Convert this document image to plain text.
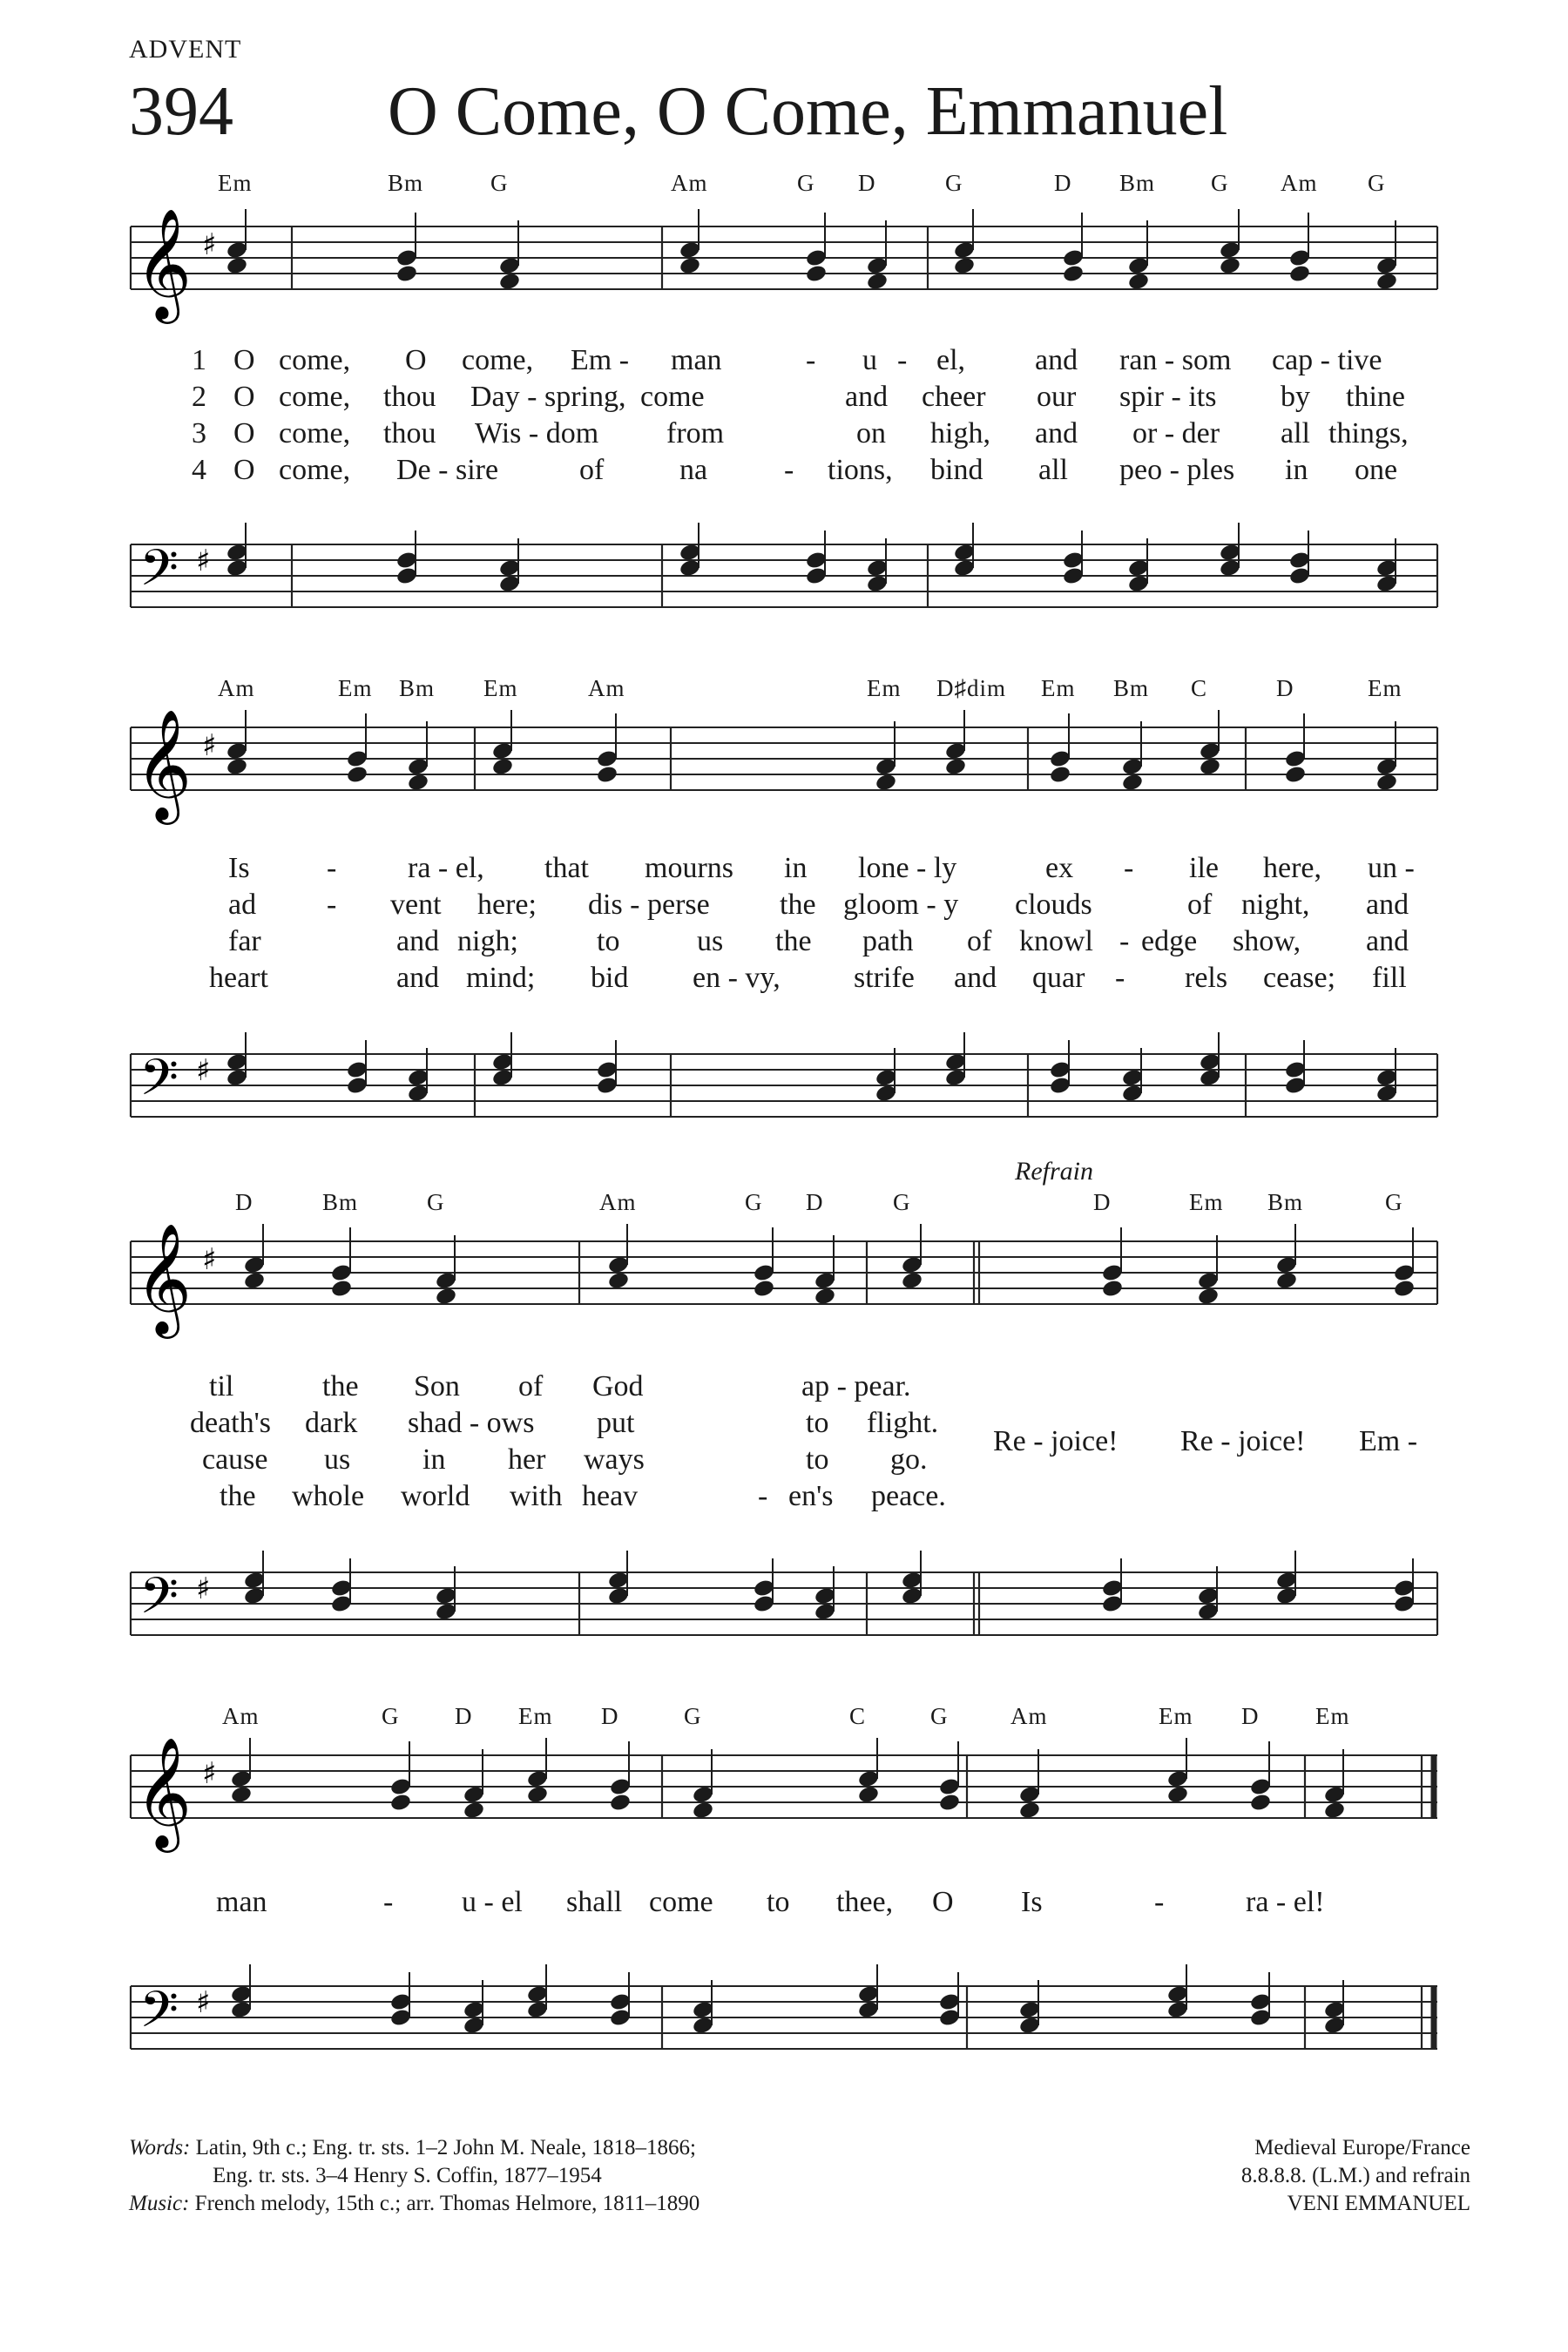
ADVENT
394 O Come, O Come, Emmanuel
Em	Bm	G	Am	G D	G	D Bm G Am G
𝄞 ♯
1 O come, O come, Em - man	- u - el, and ran - som cap - tive
2 O come, thou Day - spring, come	and cheer our spir - its by thine
3 O come, thou Wis - dom from	on high, and or - der all things,
4 O come, De - sire	of	na	- tions, bind all peo - ples in one
𝄢 ♯
Am	Em Bm Em	Am	Em D♯dim Em Bm C	D	Em
𝄞 ♯
Is	- ra - el, that mourns in lone - ly	ex - ile here, un -
ad - vent here; dis - perse the gloom - y clouds	of night, and
far	and nigh;	to	us the path of knowl - edge show, and
heart	and mind; bid en - vy, strife and quar - rels cease; fill
𝄢 ♯
Refrain
D	Bm	G	Am	G D	G	D	Em Bm	G
𝄞 ♯
til	the Son of God	ap - pear.
death's dark shad - ows put	to flight.
cause us in her ways	to go.
the whole world with heav	- en's peace.
Re - joice! Re - joice! Em -
𝄢 ♯
Am	G D Em D	G	C	G	Am	Em D Em
𝄞 ♯
man	- u - el shall come to thee, O Is	-	ra - el!
𝄢 ♯
Words: Latin, 9th c.; Eng. tr. sts. 1–2 John M. Neale, 1818–1866;
Eng. tr. sts. 3–4 Henry S. Coffin, 1877–1954
Music: French melody, 15th c.; arr. Thomas Helmore, 1811–1890
Medieval Europe/France
8.8.8.8. (L.M.) and refrain
VENI EMMANUEL
